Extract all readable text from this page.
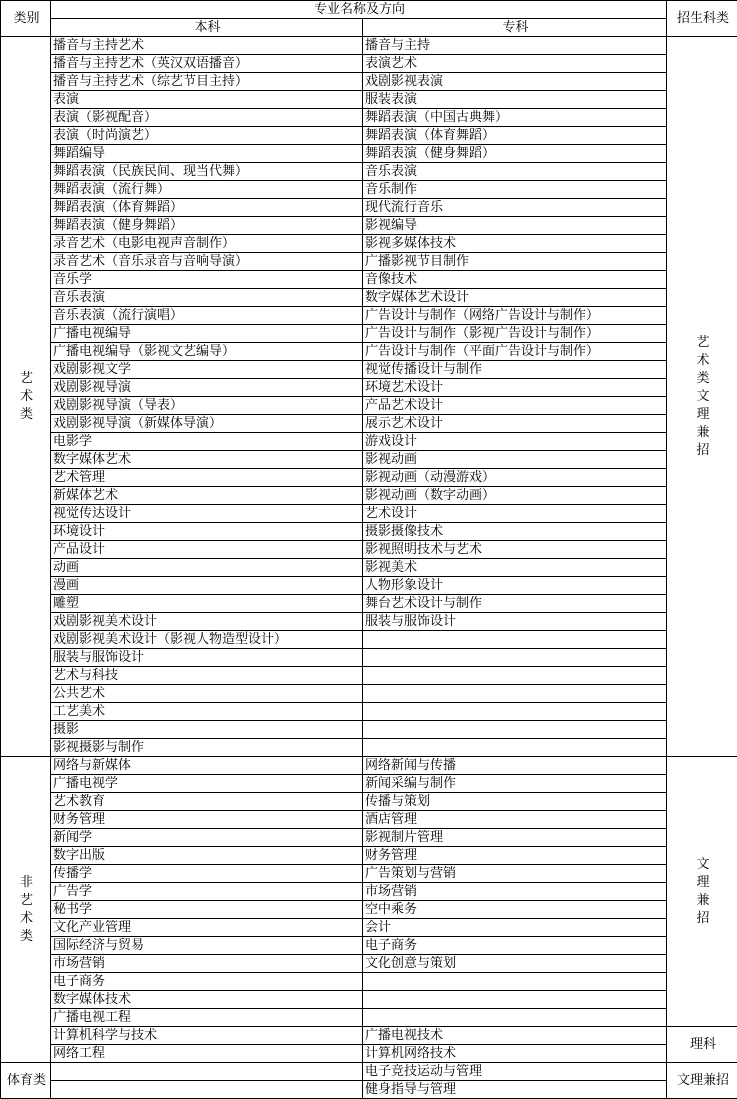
类别	专业名称及方向		招生科类
	本科	专科	
艺术类	播音与主持艺术	播音与主持	艺术类文理兼招
	播音与主持艺术（英汉双语播音）	表演艺术	
	播音与主持艺术（综艺节目主持）	戏剧影视表演	
	表演	服装表演	
	表演（影视配音）	舞蹈表演（中国古典舞）	
	表演（时尚演艺）	舞蹈表演（体育舞蹈）	
	舞蹈编导	舞蹈表演（健身舞蹈）	
	舞蹈表演（民族民间、现当代舞）	音乐表演	
	舞蹈表演（流行舞）	音乐制作	
	舞蹈表演（体育舞蹈）	现代流行音乐	
	舞蹈表演（健身舞蹈）	影视编导	
	录音艺术（电影电视声音制作）	影视多媒体技术	
	录音艺术（音乐录音与音响导演）	广播影视节目制作	
	音乐学	音像技术	
	音乐表演	数字媒体艺术设计	
	音乐表演（流行演唱）	广告设计与制作（网络广告设计与制作）	
	广播电视编导	广告设计与制作（影视广告设计与制作）	
	广播电视编导（影视文艺编导）	广告设计与制作（平面广告设计与制作）	
	戏剧影视文学	视觉传播设计与制作	
	戏剧影视导演	环境艺术设计	
	戏剧影视导演（导表）	产品艺术设计	
	戏剧影视导演（新媒体导演）	展示艺术设计	
	电影学	游戏设计	
	数字媒体艺术	影视动画	
	艺术管理	影视动画（动漫游戏）	
	新媒体艺术	影视动画（数字动画）	
	视觉传达设计	艺术设计	
	环境设计	摄影摄像技术	
	产品设计	影视照明技术与艺术	
	动画	影视美术	
	漫画	人物形象设计	
	雕塑	舞台艺术设计与制作	
	戏剧影视美术设计	服装与服饰设计	
	戏剧影视美术设计（影视人物造型设计）		
	服装与服饰设计		
	艺术与科技		
	公共艺术		
	工艺美术		
	摄影		
	影视摄影与制作		
非艺术类	网络与新媒体	网络新闻与传播	文理兼招
	广播电视学	新闻采编与制作	
	艺术教育	传播与策划	
	财务管理	酒店管理	
	新闻学	影视制片管理	
	数字出版	财务管理	
	传播学	广告策划与营销	
	广告学	市场营销	
	秘书学	空中乘务	
	文化产业管理	会计	
	国际经济与贸易	电子商务	
	市场营销	文化创意与策划	
	电子商务		
	数字媒体技术		
	广播电视工程		
	计算机科学与技术	广播电视技术	理科
	网络工程	计算机网络技术	
体育类		电子竞技运动与管理	文理兼招
		健身指导与管理	
